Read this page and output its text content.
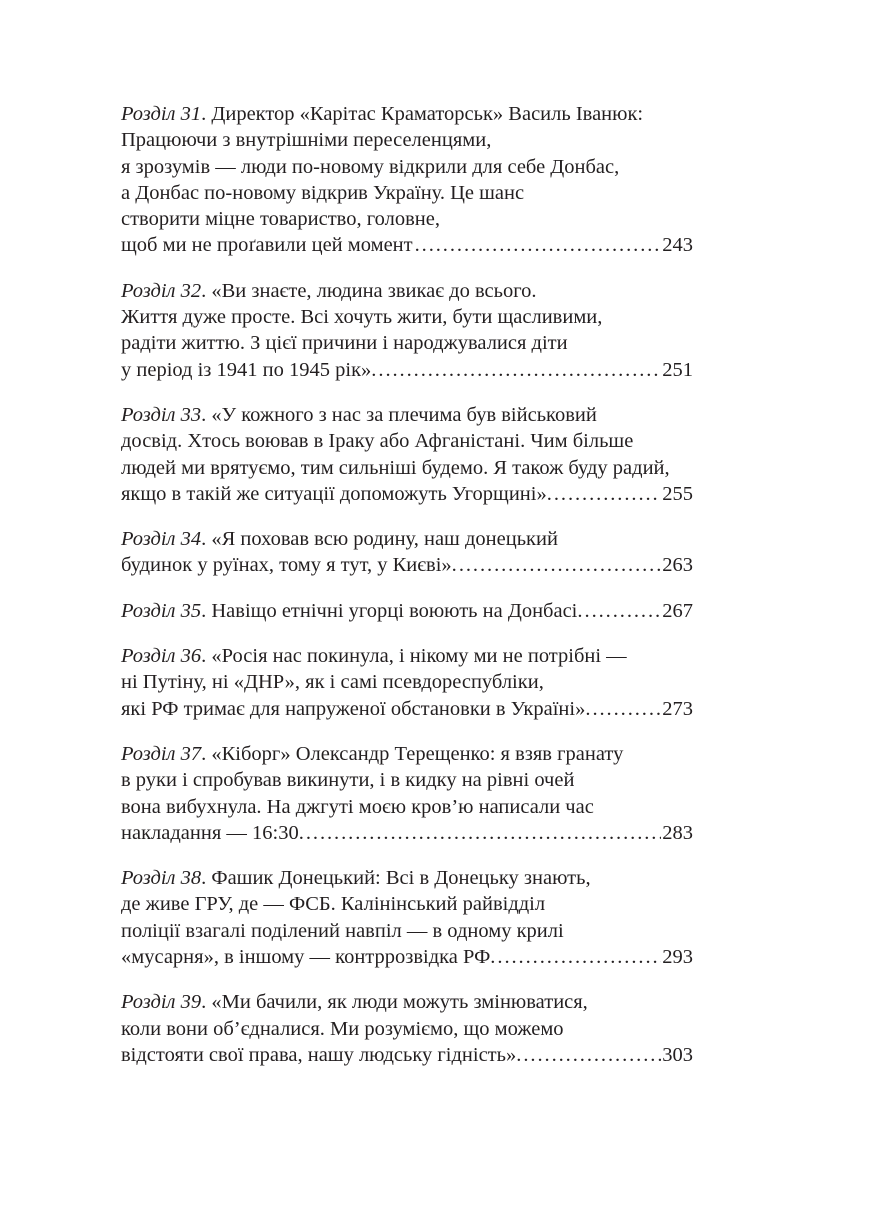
Розділ 31. Директор «Карітас Краматорськ» Василь Іванюк:
Працюючи з внутрішніми переселенцями,
я зрозумів — люди по-новому відкрили для себе Донбас,
а Донбас по-новому відкрив Україну. Це шанс
створити міцне товариство, головне,
щоб ми не проґавили цей момент . . .	243
Розділ 32. «Ви знаєте, людина звикає до всього.
Життя дуже просте. Всі хочуть жити, бути щасливими,
радіти життю. З цієї причини і народжувалися діти
у період із 1941 по 1945 рік». . . .	251
Розділ 33. «У кожного з нас за плечима був військовий
досвід. Хтось воював в Іраку або Афганістані. Чим більше
людей ми врятуємо, тим сильніші будемо. Я також буду радий,
якщо в такій же ситуації допоможуть Угорщині». . . .	255
Розділ 34. «Я поховав всю родину, наш донецький
будинок у руїнах, тому я тут, у Києві». . . .	263
Розділ 35. Навіщо етнічні угорці воюють на Донбасі. . . .	267
Розділ 36. «Росія нас покинула, і нікому ми не потрібні —
ні Путіну, ні «ДНР», як і самі псевдореспубліки,
які РФ тримає для напруженої обстановки в Україні». . . .	273
Розділ 37. «Кіборг» Олександр Терещенко: я взяв гранату
в руки і спробував викинути, і в кидку на рівні очей
вона вибухнула. На джгуті моєю кров’ю написали час
накладання — 16:30. . . .	283
Розділ 38. Фашик Донецький: Всі в Донецьку знають,
де живе ГРУ, де — ФСБ. Калінінський райвідділ
поліції взагалі поділений навпіл — в одному крилі
«мусарня», в іншому — контррозвідка РФ. . . .	293
Розділ 39. «Ми бачили, як люди можуть змінюватися,
коли вони об’єдналися. Ми розуміємо, що можемо
відстояти свої права, нашу людську гідність». . . .	303
